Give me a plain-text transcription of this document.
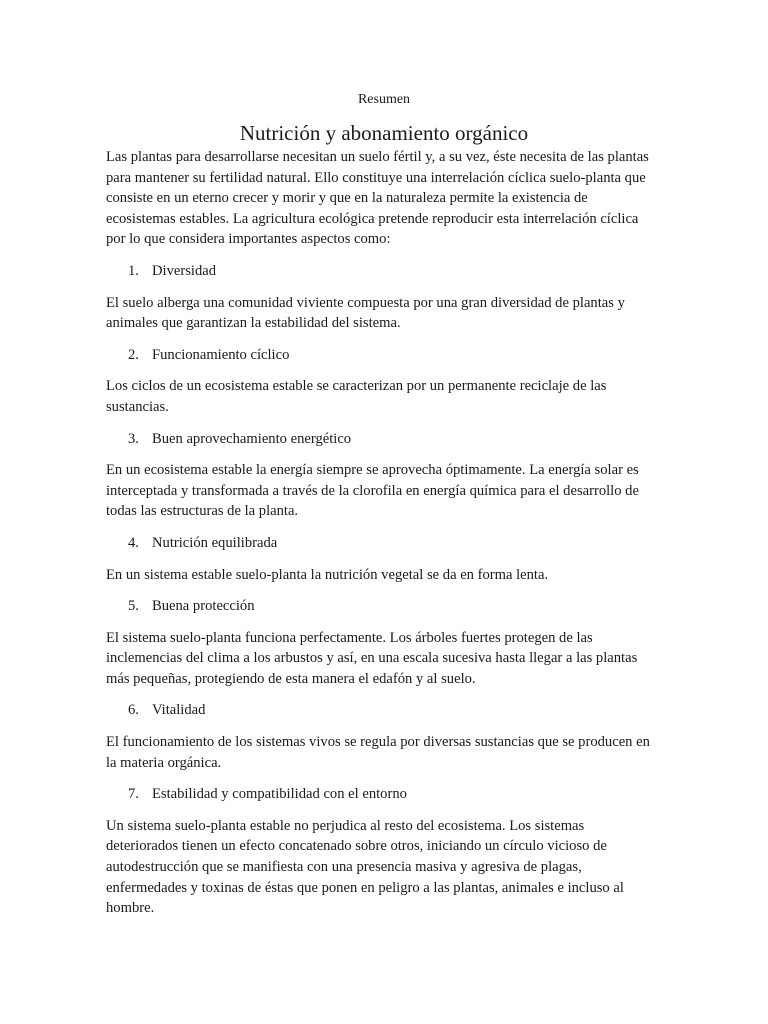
Resumen
Nutrición y abonamiento orgánico

Las plantas para desarrollarse necesitan un suelo fértil y, a su vez, éste necesita de las plantas para mantener su fertilidad natural. Ello constituye una interrelación cíclica suelo-planta que consiste en un eterno crecer y morir y que en la naturaleza permite la existencia de ecosistemas estables. La agricultura ecológica pretende reproducir esta interrelación cíclica por lo que considera importantes aspectos como:

1. Diversidad

El suelo alberga una comunidad viviente compuesta por una gran diversidad de plantas y animales que garantizan la estabilidad del sistema.

2. Funcionamiento cíclico

Los ciclos de un ecosistema estable se caracterizan por un permanente reciclaje de las sustancias.

3. Buen aprovechamiento energético

En un ecosistema estable la energía siempre se aprovecha óptimamente. La energía solar es interceptada y transformada a través de la clorofila en energía química para el desarrollo de todas las estructuras de la planta.

4. Nutrición equilibrada

En un sistema estable suelo-planta la nutrición vegetal se da en forma lenta.

5. Buena protección

El sistema suelo-planta funciona perfectamente. Los árboles fuertes protegen de las inclemencias del clima a los arbustos y así, en una escala sucesiva hasta llegar a las plantas más pequeñas, protegiendo de esta manera el edafón y al suelo.

6. Vitalidad

El funcionamiento de los sistemas vivos se regula por diversas sustancias que se producen en la materia orgánica.

7. Estabilidad y compatibilidad con el entorno

Un sistema suelo-planta estable no perjudica al resto del ecosistema. Los sistemas deteriorados tienen un efecto concatenado sobre otros, iniciando un círculo vicioso de autodestrucción que se manifiesta con una presencia masiva y agresiva de plagas, enfermedades y toxinas de éstas que ponen en peligro a las plantas, animales e incluso al hombre.
